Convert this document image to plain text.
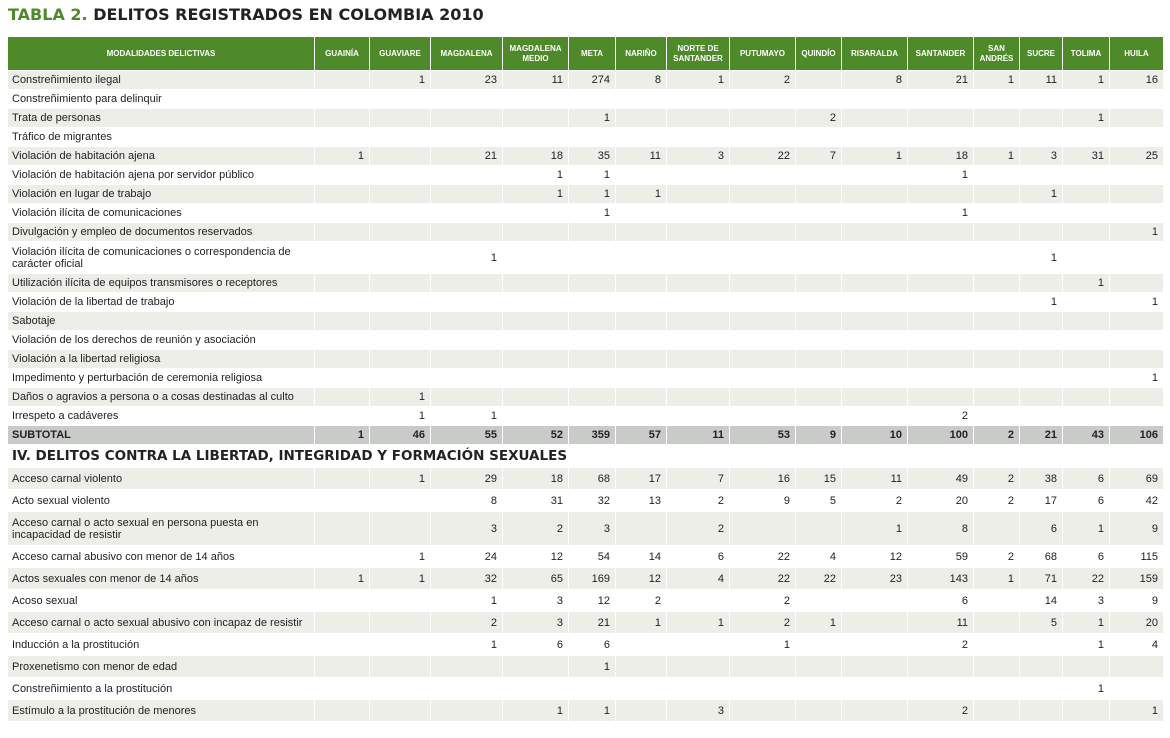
TABLA 2. DELITOS REGISTRADOS EN COLOMBIA 2010
MODALIDADES DELICTIVAS	GUAINÍA	GUAVIARE	MAGDALENA	MAGDALENA MEDIO	META	NARIÑO	NORTE DE SANTANDER	PUTUMAYO	QUINDÍO	RISARALDA	SANTANDER	SAN ANDRÉS	SUCRE	TOLIMA	HUILA
Constreñimiento ilegal		1	23	11	274	8	1	2		8	21	1	11	1	16
Constreñimiento para delinquir															
Trata de personas					1				2					1	
Tráfico de migrantes															
Violación de habitación ajena	1		21	18	35	11	3	22	7	1	18	1	3	31	25
Violación de habitación ajena por servidor público				1	1						1				
Violación en lugar de trabajo				1	1	1							1		
Violación ilícita de comunicaciones					1						1				
Divulgación y empleo de documentos reservados															1
Violación ilícita de comunicaciones o correspondencia de carácter oficial			1										1		
Utilización ilícita de equipos transmisores o receptores														1	
Violación de la libertad de trabajo													1		1
Sabotaje															
Violación de los derechos de reunión y asociación															
Violación a la libertad religiosa															
Impedimento y perturbación de ceremonia religiosa															1
Daños o agravios a persona o a cosas destinadas al culto		1													
Irrespeto a cadáveres		1	1								2				
SUBTOTAL	1	46	55	52	359	57	11	53	9	10	100	2	21	43	106
IV. DELITOS CONTRA LA LIBERTAD, INTEGRIDAD Y FORMACIÓN SEXUALES															
Acceso carnal violento		1	29	18	68	17	7	16	15	11	49	2	38	6	69
Acto sexual violento			8	31	32	13	2	9	5	2	20	2	17	6	42
Acceso carnal o acto sexual en persona puesta en incapacidad de resistir			3	2	3		2			1	8		6	1	9
Acceso carnal abusivo con menor de 14 años		1	24	12	54	14	6	22	4	12	59	2	68	6	115
Actos sexuales con menor de 14 años	1	1	32	65	169	12	4	22	22	23	143	1	71	22	159
Acoso sexual			1	3	12	2		2			6		14	3	9
Acceso carnal o acto sexual abusivo con incapaz de resistir			2	3	21	1	1	2	1		11		5	1	20
Inducción a la prostitución			1	6	6			1			2			1	4
Proxenetismo con menor de edad					1										
Constreñimiento a la prostitución														1	
Estímulo a la prostitución de menores				1	1		3				2				1
